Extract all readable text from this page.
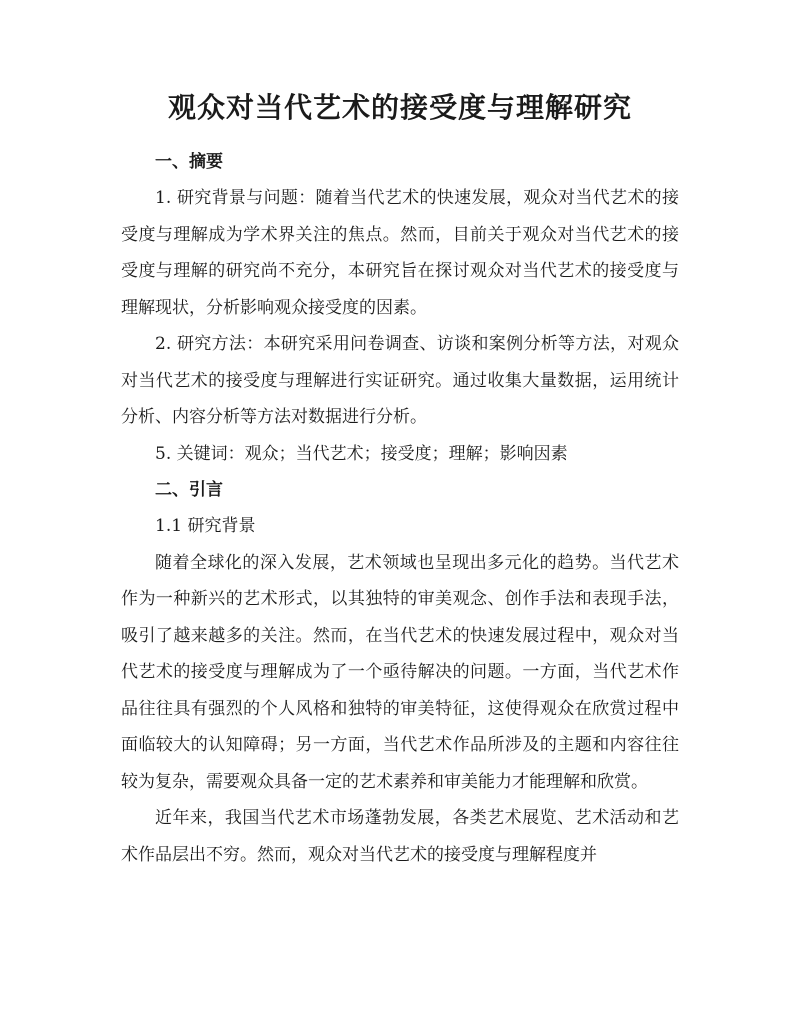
观众对当代艺术的接受度与理解研究
一、摘要

1. 研究背景与问题：随着当代艺术的快速发展，观众对当代艺术的接受度与理解成为学术界关注的焦点。然而，目前关于观众对当代艺术的接受度与理解的研究尚不充分，本研究旨在探讨观众对当代艺术的接受度与理解现状，分析影响观众接受度的因素。

2. 研究方法：本研究采用问卷调查、访谈和案例分析等方法，对观众对当代艺术的接受度与理解进行实证研究。通过收集大量数据，运用统计分析、内容分析等方法对数据进行分析。

5. 关键词：观众；当代艺术；接受度；理解；影响因素

二、引言

1.1 研究背景

随着全球化的深入发展，艺术领域也呈现出多元化的趋势。当代艺术作为一种新兴的艺术形式，以其独特的审美观念、创作手法和表现手法，吸引了越来越多的关注。然而，在当代艺术的快速发展过程中，观众对当代艺术的接受度与理解成为了一个亟待解决的问题。一方面，当代艺术作品往往具有强烈的个人风格和独特的审美特征，这使得观众在欣赏过程中面临较大的认知障碍；另一方面，当代艺术作品所涉及的主题和内容往往较为复杂，需要观众具备一定的艺术素养和审美能力才能理解和欣赏。

近年来，我国当代艺术市场蓬勃发展，各类艺术展览、艺术活动和艺术作品层出不穷。然而，观众对当代艺术的接受度与理解程度并
